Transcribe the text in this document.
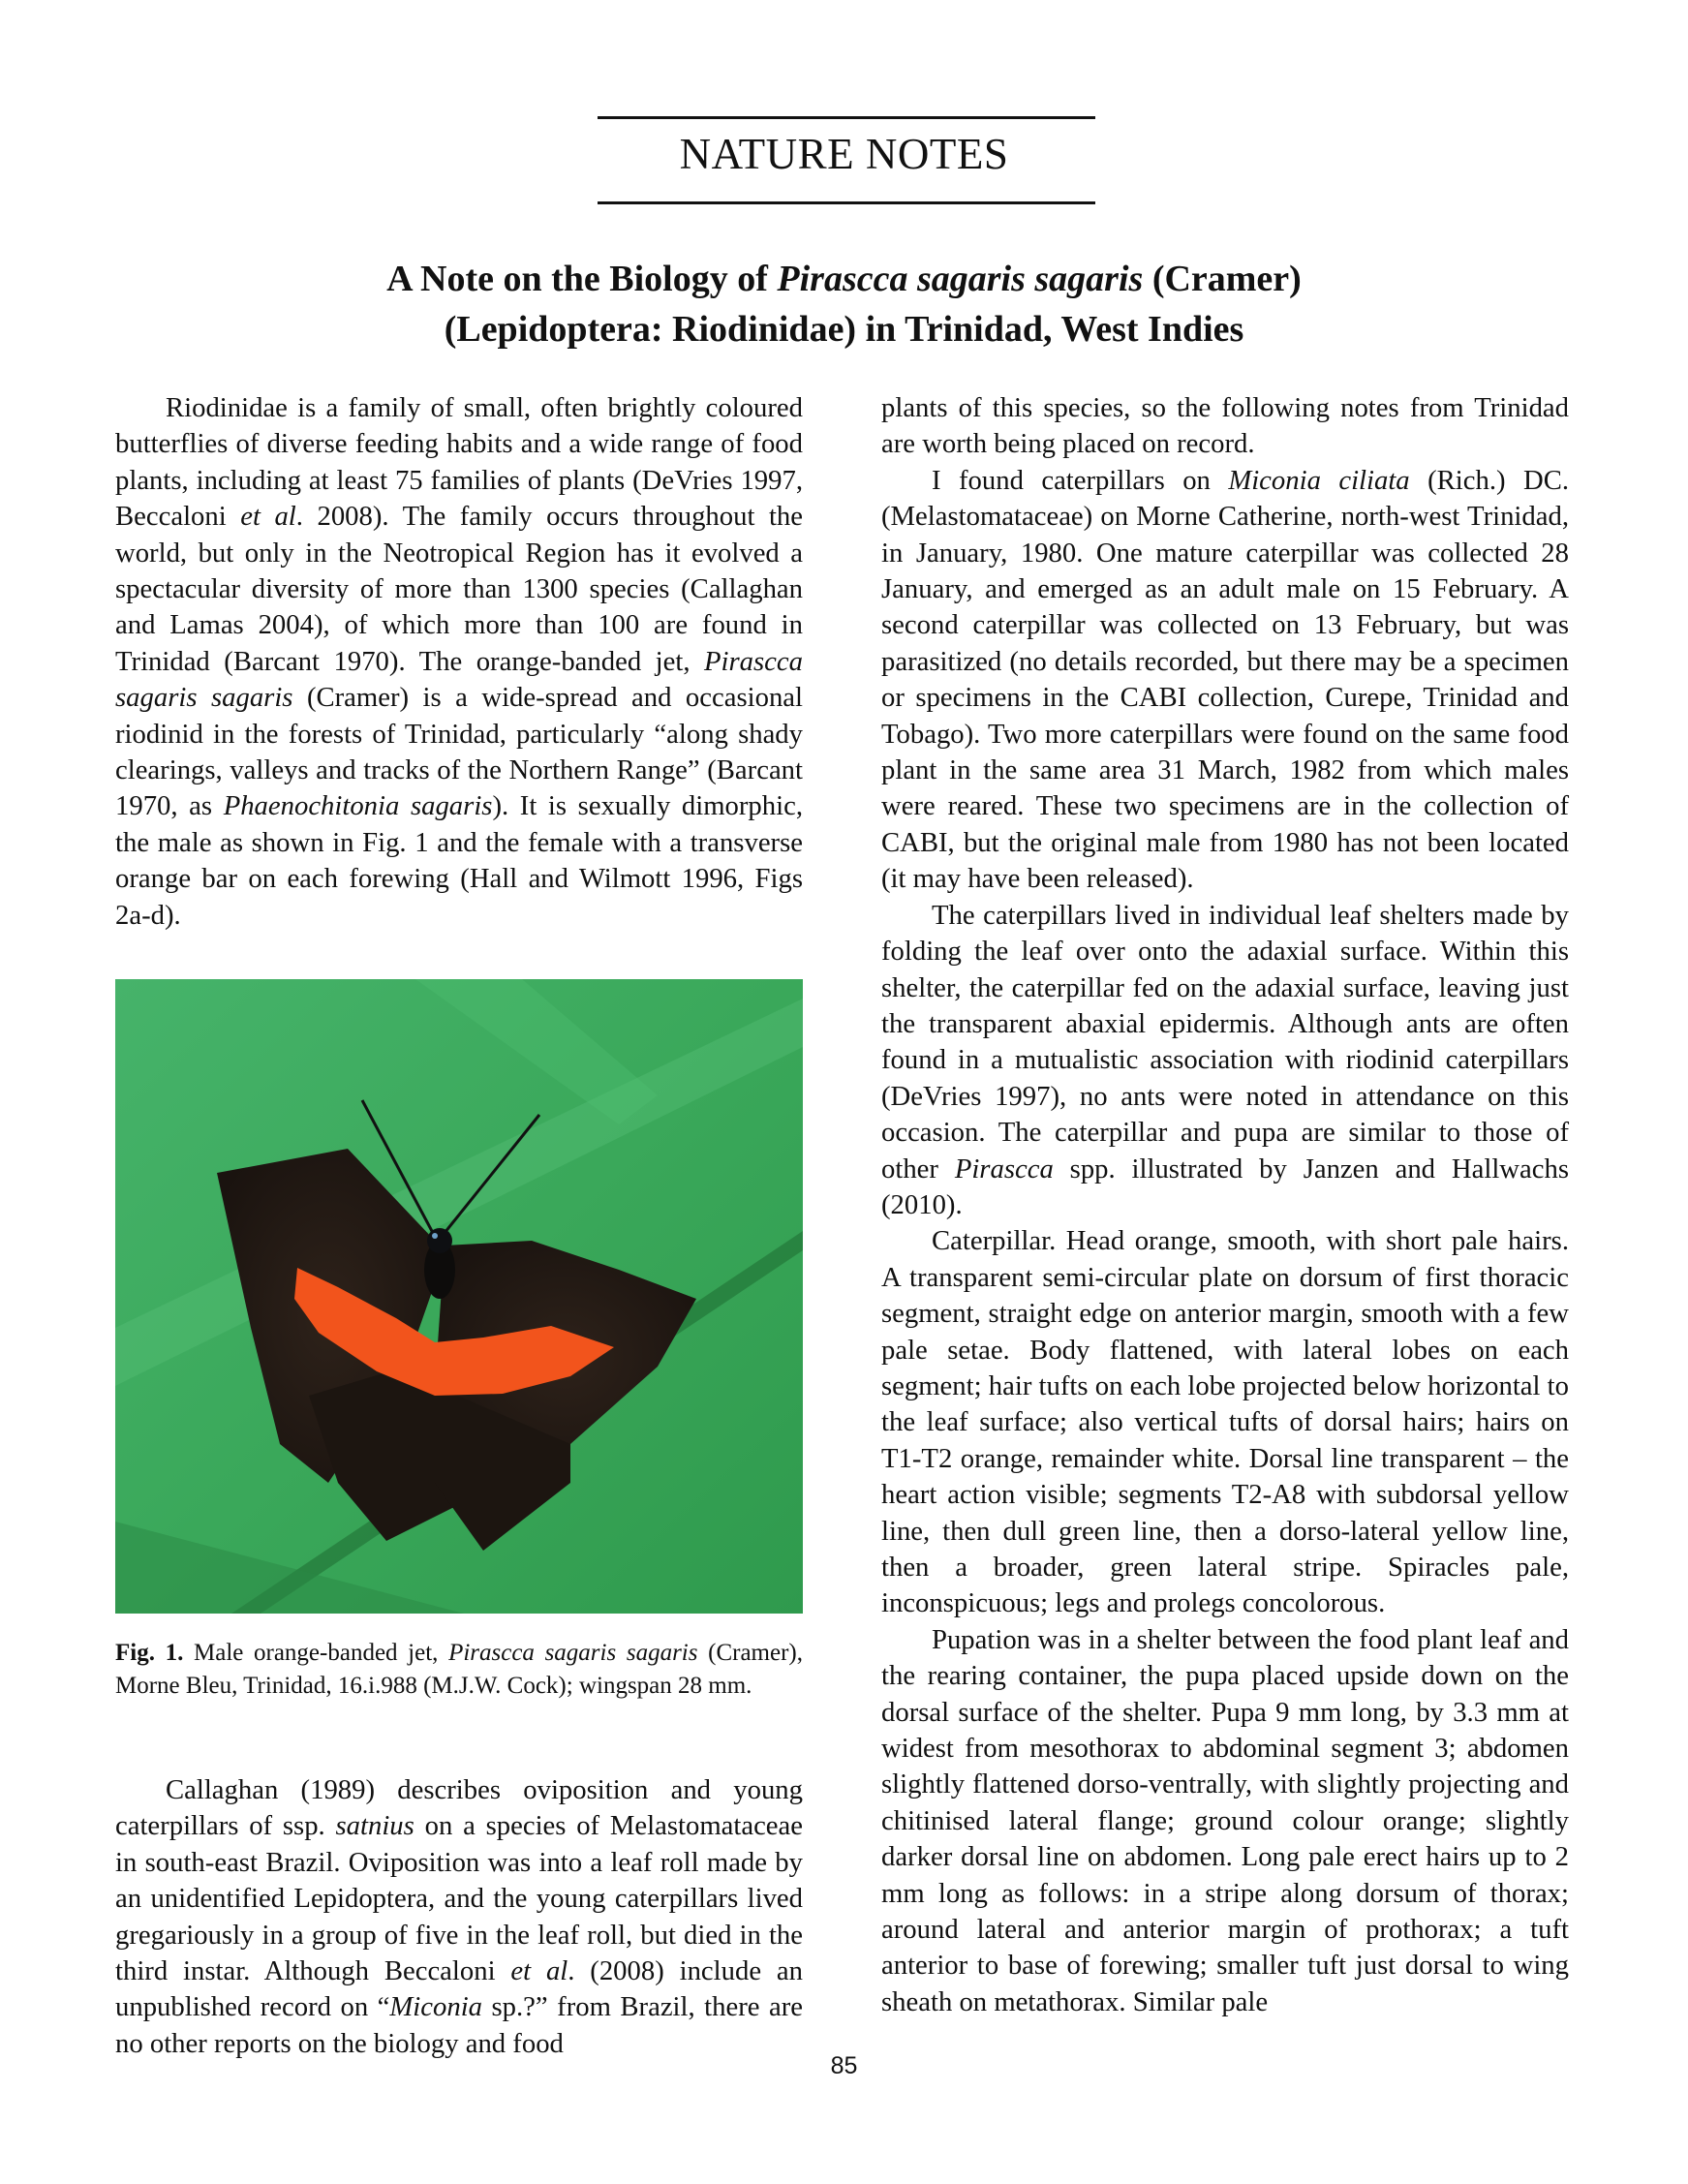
NATURE NOTES
A Note on the Biology of Pirascca sagaris sagaris (Cramer)
(Lepidoptera: Riodinidae) in Trinidad, West Indies

Riodinidae is a family of small, often brightly coloured butterflies of diverse feeding habits and a wide range of food plants, including at least 75 families of plants (DeVries 1997, Beccaloni et al. 2008). The family occurs throughout the world, but only in the Neotropical Region has it evolved a spectacular diversity of more than 1300 species (Callaghan and Lamas 2004), of which more than 100 are found in Trinidad (Barcant 1970). The orange-banded jet, Pirascca sagaris sagaris (Cramer) is a wide-spread and occasional riodinid in the forests of Trinidad, particularly “along shady clearings, valleys and tracks of the Northern Range” (Barcant 1970, as Phaenochitonia sagaris). It is sexually dimorphic, the male as shown in Fig. 1 and the female with a transverse orange bar on each forewing (Hall and Wilmott 1996, Figs 2a-d).

Fig. 1. Male orange-banded jet, Pirascca sagaris sagaris (Cramer), Morne Bleu, Trinidad, 16.i.988 (M.J.W. Cock); wingspan 28 mm.

Callaghan (1989) describes oviposition and young caterpillars of ssp. satnius on a species of Melastomataceae in south-east Brazil. Oviposition was into a leaf roll made by an unidentified Lepidoptera, and the young caterpillars lived gregariously in a group of five in the leaf roll, but died in the third instar. Although Beccaloni et al. (2008) include an unpublished record on “Miconia sp.?” from Brazil, there are no other reports on the biology and food

plants of this species, so the following notes from Trinidad are worth being placed on record.

I found caterpillars on Miconia ciliata (Rich.) DC. (Melastomataceae) on Morne Catherine, north-west Trinidad, in January, 1980. One mature caterpillar was collected 28 January, and emerged as an adult male on 15 February. A second caterpillar was collected on 13 February, but was parasitized (no details recorded, but there may be a specimen or specimens in the CABI collection, Curepe, Trinidad and Tobago). Two more caterpillars were found on the same food plant in the same area 31 March, 1982 from which males were reared. These two specimens are in the collection of CABI, but the original male from 1980 has not been located (it may have been released).

The caterpillars lived in individual leaf shelters made by folding the leaf over onto the adaxial surface. Within this shelter, the caterpillar fed on the adaxial surface, leaving just the transparent abaxial epidermis. Although ants are often found in a mutualistic association with riodinid caterpillars (DeVries 1997), no ants were noted in attendance on this occasion. The caterpillar and pupa are similar to those of other Pirascca spp. illustrated by Janzen and Hallwachs (2010).

Caterpillar. Head orange, smooth, with short pale hairs. A transparent semi-circular plate on dorsum of first thoracic segment, straight edge on anterior margin, smooth with a few pale setae. Body flattened, with lateral lobes on each segment; hair tufts on each lobe projected below horizontal to the leaf surface; also vertical tufts of dorsal hairs; hairs on T1-T2 orange, remainder white. Dorsal line transparent – the heart action visible; segments T2-A8 with subdorsal yellow line, then dull green line, then a dorso-lateral yellow line, then a broader, green lateral stripe. Spiracles pale, inconspicuous; legs and prolegs concolorous.

Pupation was in a shelter between the food plant leaf and the rearing container, the pupa placed upside down on the dorsal surface of the shelter. Pupa 9 mm long, by 3.3 mm at widest from mesothorax to abdominal segment 3; abdomen slightly flattened dorso-ventrally, with slightly projecting and chitinised lateral flange; ground colour orange; slightly darker dorsal line on abdomen. Long pale erect hairs up to 2 mm long as follows: in a stripe along dorsum of thorax; around lateral and anterior margin of prothorax; a tuft anterior to base of forewing; smaller tuft just dorsal to wing sheath on metathorax. Similar pale

85
